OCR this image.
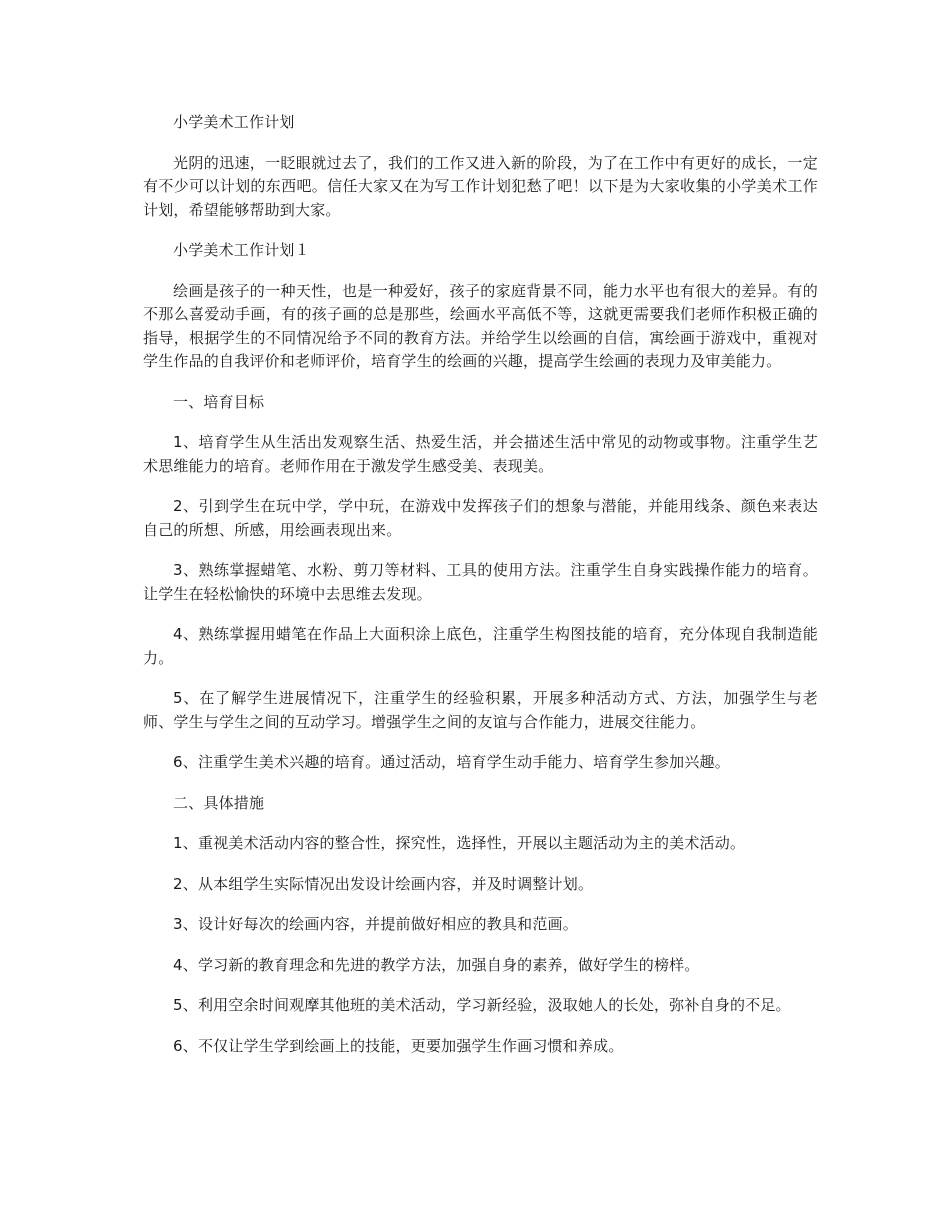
小学美术工作计划

光阴的迅速，一眨眼就过去了，我们的工作又进入新的阶段，为了在工作中有更好的成长，一定有不少可以计划的东西吧。信任大家又在为写工作计划犯愁了吧！以下是为大家收集的小学美术工作计划，希望能够帮助到大家。

小学美术工作计划１

绘画是孩子的一种天性，也是一种爱好，孩子的家庭背景不同，能力水平也有很大的差异。有的不那么喜爱动手画，有的孩子画的总是那些，绘画水平高低不等，这就更需要我们老师作积极正确的指导，根据学生的不同情况给予不同的教育方法。并给学生以绘画的自信，寓绘画于游戏中，重视对学生作品的自我评价和老师评价，培育学生的绘画的兴趣，提高学生绘画的表现力及审美能力。

一、培育目标

1、培育学生从生活出发观察生活、热爱生活，并会描述生活中常见的动物或事物。注重学生艺术思维能力的培育。老师作用在于激发学生感受美、表现美。

2、引到学生在玩中学，学中玩，在游戏中发挥孩子们的想象与潜能，并能用线条、颜色来表达自己的所想、所感，用绘画表现出来。

3、熟练掌握蜡笔、水粉、剪刀等材料、工具的使用方法。注重学生自身实践操作能力的培育。让学生在轻松愉快的环境中去思维去发现。

4、熟练掌握用蜡笔在作品上大面积涂上底色，注重学生构图技能的培育，充分体现自我制造能力。

5、在了解学生进展情况下，注重学生的经验积累，开展多种活动方式、方法，加强学生与老师、学生与学生之间的互动学习。增强学生之间的友谊与合作能力，进展交往能力。

6、注重学生美术兴趣的培育。通过活动，培育学生动手能力、培育学生参加兴趣。

二、具体措施

1、重视美术活动内容的整合性，探究性，选择性，开展以主题活动为主的美术活动。

2、从本组学生实际情况出发设计绘画内容，并及时调整计划。

3、设计好每次的绘画内容，并提前做好相应的教具和范画。

4、学习新的教育理念和先进的教学方法，加强自身的素养，做好学生的榜样。

5、利用空余时间观摩其他班的美术活动，学习新经验，汲取她人的长处，弥补自身的不足。

6、不仅让学生学到绘画上的技能，更要加强学生作画习惯和养成。
